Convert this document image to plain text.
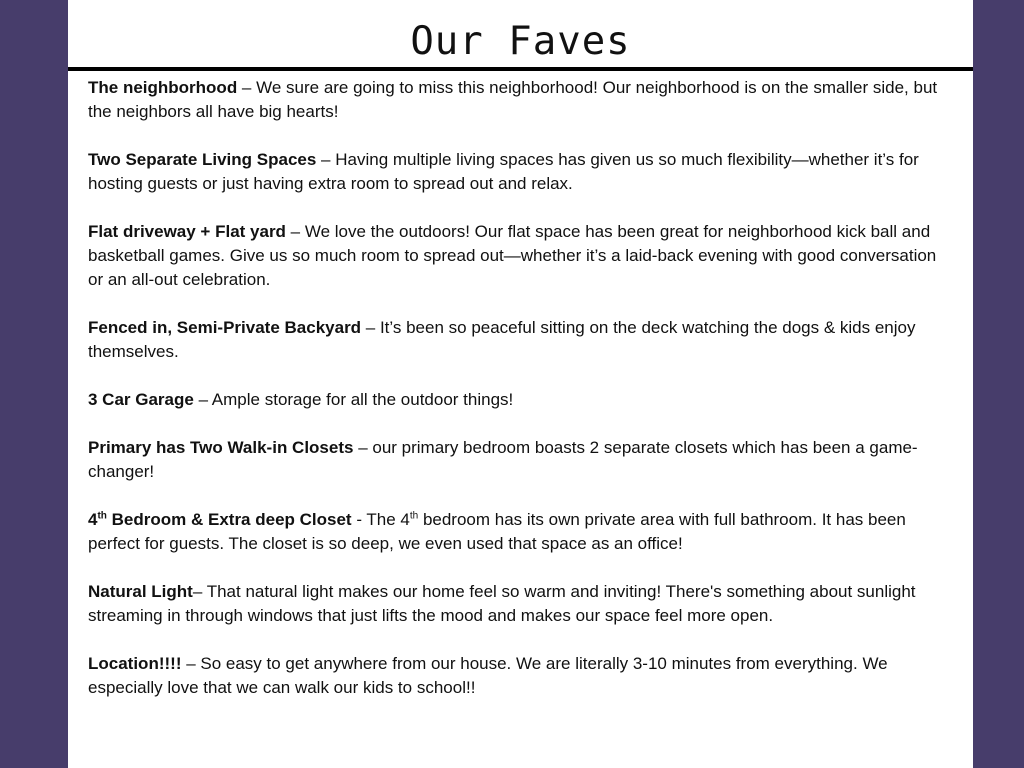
Our Faves

The neighborhood – We sure are going to miss this neighborhood! Our neighborhood is on the smaller side, but the neighbors all have big hearts!

Two Separate Living Spaces – Having multiple living spaces has given us so much flexibility—whether it’s for hosting guests or just having extra room to spread out and relax.

Flat driveway + Flat yard – We love the outdoors! Our flat space has been great for neighborhood kick ball and basketball games. Give us so much room to spread out—whether it’s a laid-back evening with good conversation or an all-out celebration.

Fenced in, Semi-Private Backyard – It’s been so peaceful sitting on the deck watching the dogs & kids enjoy themselves.

3 Car Garage – Ample storage for all the outdoor things!

Primary has Two Walk-in Closets – our primary bedroom boasts 2 separate closets which has been a game-changer!

4th Bedroom & Extra deep Closet - The 4th bedroom has its own private area with full bathroom. It has been perfect for guests. The closet is so deep, we even used that space as an office!

Natural Light– That natural light makes our home feel so warm and inviting! There's something about sunlight streaming in through windows that just lifts the mood and makes our space feel more open.

Location!!!! – So easy to get anywhere from our house. We are literally 3-10 minutes from everything. We especially love that we can walk our kids to school!!
